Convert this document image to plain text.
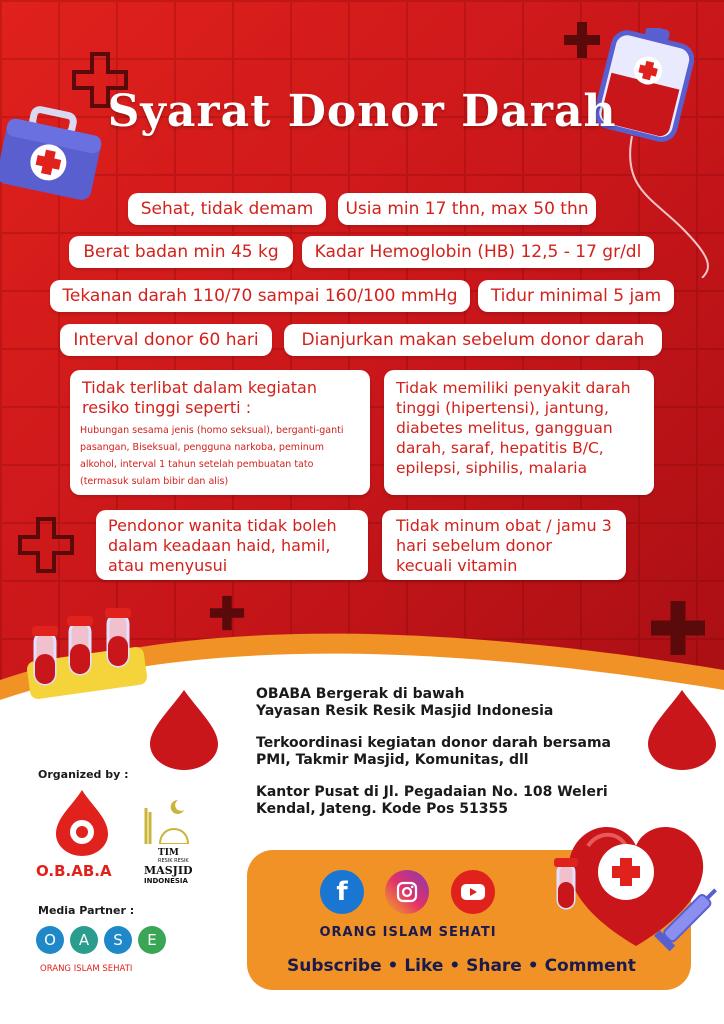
Syarat Donor Darah
Sehat, tidak demam	Usia min 17 thn, max 50 thn
Berat badan min 45 kg	Kadar Hemoglobin (HB) 12,5 - 17 gr/dl
Tekanan darah 110/70 sampai 160/100 mmHg	Tidur minimal 5 jam
Interval donor 60 hari	Dianjurkan makan sebelum donor darah
Tidak terlibat dalam kegiatan resiko tinggi seperti :
Hubungan sesama jenis (homo seksual), berganti-ganti pasangan, Biseksual, pengguna narkoba, peminum alkohol, interval 1 tahun setelah pembuatan tato (termasuk sulam bibir dan alis)
Tidak memiliki penyakit darah tinggi (hipertensi), jantung, diabetes melitus, gangguan darah, saraf, hepatitis B/C, epilepsi, siphilis, malaria
Pendonor wanita tidak boleh dalam keadaan haid, hamil, atau menyusui
Tidak minum obat / jamu 3 hari sebelum donor kecuali vitamin
OBABA Bergerak di bawah
Yayasan Resik Resik Masjid Indonesia
Terkoordinasi kegiatan donor darah bersama
PMI, Takmir Masjid, Komunitas, dll
Kantor Pusat di Jl. Pegadaian No. 108 Weleri
Kendal, Jateng. Kode Pos 51355
Organized by :
O.B.AB.A
TIM
RESIK RESIK
MASJID
INDONESIA
Media Partner :
O	A	S	E
ORANG ISLAM SEHATI
f
ORANG ISLAM SEHATI
Subscribe • Like • Share • Comment
